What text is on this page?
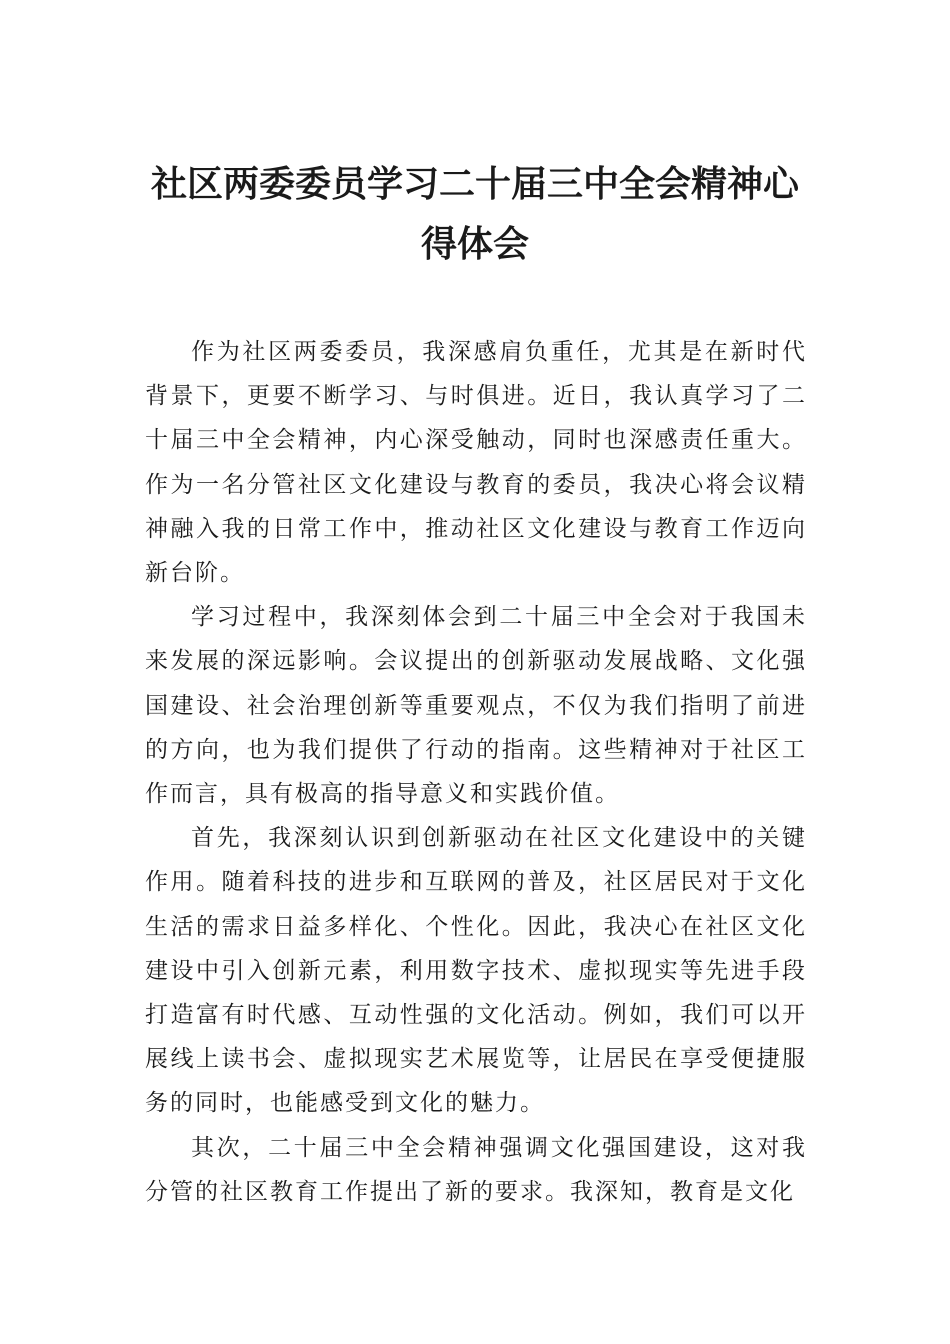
社区两委委员学习二十届三中全会精神心
得体会

作为社区两委委员，我深感肩负重任，尤其是在新时代背景下，更要不断学习、与时俱进。近日，我认真学习了二十届三中全会精神，内心深受触动，同时也深感责任重大。作为一名分管社区文化建设与教育的委员，我决心将会议精神融入我的日常工作中，推动社区文化建设与教育工作迈向新台阶。

学习过程中，我深刻体会到二十届三中全会对于我国未来发展的深远影响。会议提出的创新驱动发展战略、文化强国建设、社会治理创新等重要观点，不仅为我们指明了前进的方向，也为我们提供了行动的指南。这些精神对于社区工作而言，具有极高的指导意义和实践价值。

首先，我深刻认识到创新驱动在社区文化建设中的关键作用。随着科技的进步和互联网的普及，社区居民对于文化生活的需求日益多样化、个性化。因此，我决心在社区文化建设中引入创新元素，利用数字技术、虚拟现实等先进手段打造富有时代感、互动性强的文化活动。例如，我们可以开展线上读书会、虚拟现实艺术展览等，让居民在享受便捷服务的同时，也能感受到文化的魅力。

其次，二十届三中全会精神强调文化强国建设，这对我分管的社区教育工作提出了新的要求。我深知，教育是文化
